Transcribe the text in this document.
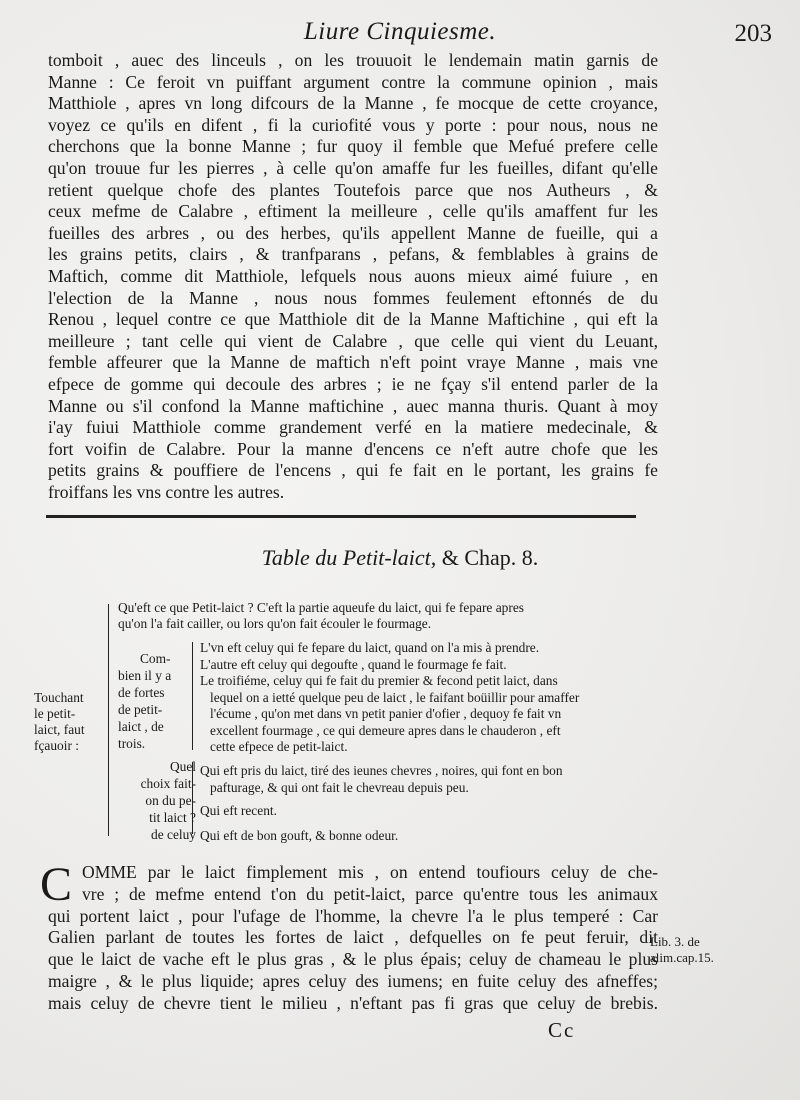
Liure Cinquiesme.	203
tomboit , auec des linceuls , on les trouuoit le lendemain matin garnis de
Manne : Ce feroit vn puiffant argument contre la commune opinion , mais
Matthiole , apres vn long difcours de la Manne , fe mocque de cette croyance,
voyez ce qu'ils en difent , fi la curiofité vous y porte : pour nous, nous ne
cherchons que la bonne Manne ; fur quoy il femble que Mefué prefere celle
qu'on trouue fur les pierres , à celle qu'on amaffe fur les fueilles, difant qu'elle
retient quelque chofe des plantes Toutefois parce que nos Autheurs , &
ceux mefme de Calabre , eftiment la meilleure , celle qu'ils amaffent fur les
fueilles des arbres , ou des herbes, qu'ils appellent Manne de fueille, qui a
les grains petits, clairs , & tranfparans , pefans, & femblables à grains de
Maftich, comme dit Matthiole, lefquels nous auons mieux aimé fuiure , en
l'election de la Manne , nous nous fommes feulement eftonnés de du
Renou , lequel contre ce que Matthiole dit de la Manne Maftichine , qui eft la
meilleure ; tant celle qui vient de Calabre , que celle qui vient du Leuant,
femble affeurer que la Manne de maftich n'eft point vraye Manne , mais vne
efpece de gomme qui decoule des arbres ; ie ne fçay s'il entend parler de la
Manne ou s'il confond la Manne maftichine , auec manna thuris. Quant à moy
i'ay fuiui Matthiole comme grandement verfé en la matiere medecinale, &
fort voifin de Calabre. Pour la manne d'encens ce n'eft autre chofe que les
petits grains & pouffiere de l'encens , qui fe fait en le portant, les grains fe
froiffans les vns contre les autres.
Table du Petit-laict, & Chap. 8.
Touchant
le petit-
laict, faut
fçauoir :
Qu'eft ce que Petit-laict ? C'eft la partie aqueufe du laict, qui fe fepare apres
qu'on l'a fait cailler, ou lors qu'on fait écouler le fourmage.
Com-
bien il y a
de fortes
de petit-
laict , de
trois.
L'vn eft celuy qui fe fepare du laict, quand on l'a mis à prendre.
L'autre eft celuy qui degoufte , quand le fourmage fe fait.
Le troifiéme, celuy qui fe fait du premier & fecond petit laict, dans
lequel on a ietté quelque peu de laict , le faifant boüillir pour amaffer
l'écume , qu'on met dans vn petit panier d'ofier , dequoy fe fait vn
excellent fourmage , ce qui demeure apres dans le chauderon , eft
cette efpece de petit-laict.
Quel
choix fait-
on du pe-
tit laict ?
de celuy
Qui eft pris du laict, tiré des ieunes chevres , noires, qui font en bon
pafturage, & qui ont fait le chevreau depuis peu.
Qui eft recent.
Qui eft de bon gouft, & bonne odeur.
C OMME par le laict fimplement mis , on entend toufiours celuy de che-
vre ; de mefme entend t'on du petit-laict, parce qu'entre tous les animaux
qui portent laict , pour l'ufage de l'homme, la chevre l'a le plus temperé : Car
Galien parlant de toutes les fortes de laict , defquelles on fe peut feruir, dit
que le laict de vache eft le plus gras , & le plus épais; celuy de chameau le plus
maigre , & le plus liquide; apres celuy des iumens; en fuite celuy des afneffes;
mais celuy de chevre tient le milieu , n'eftant pas fi gras que celuy de brebis.
Lib. 3. de
alim.cap.15.
Cc
